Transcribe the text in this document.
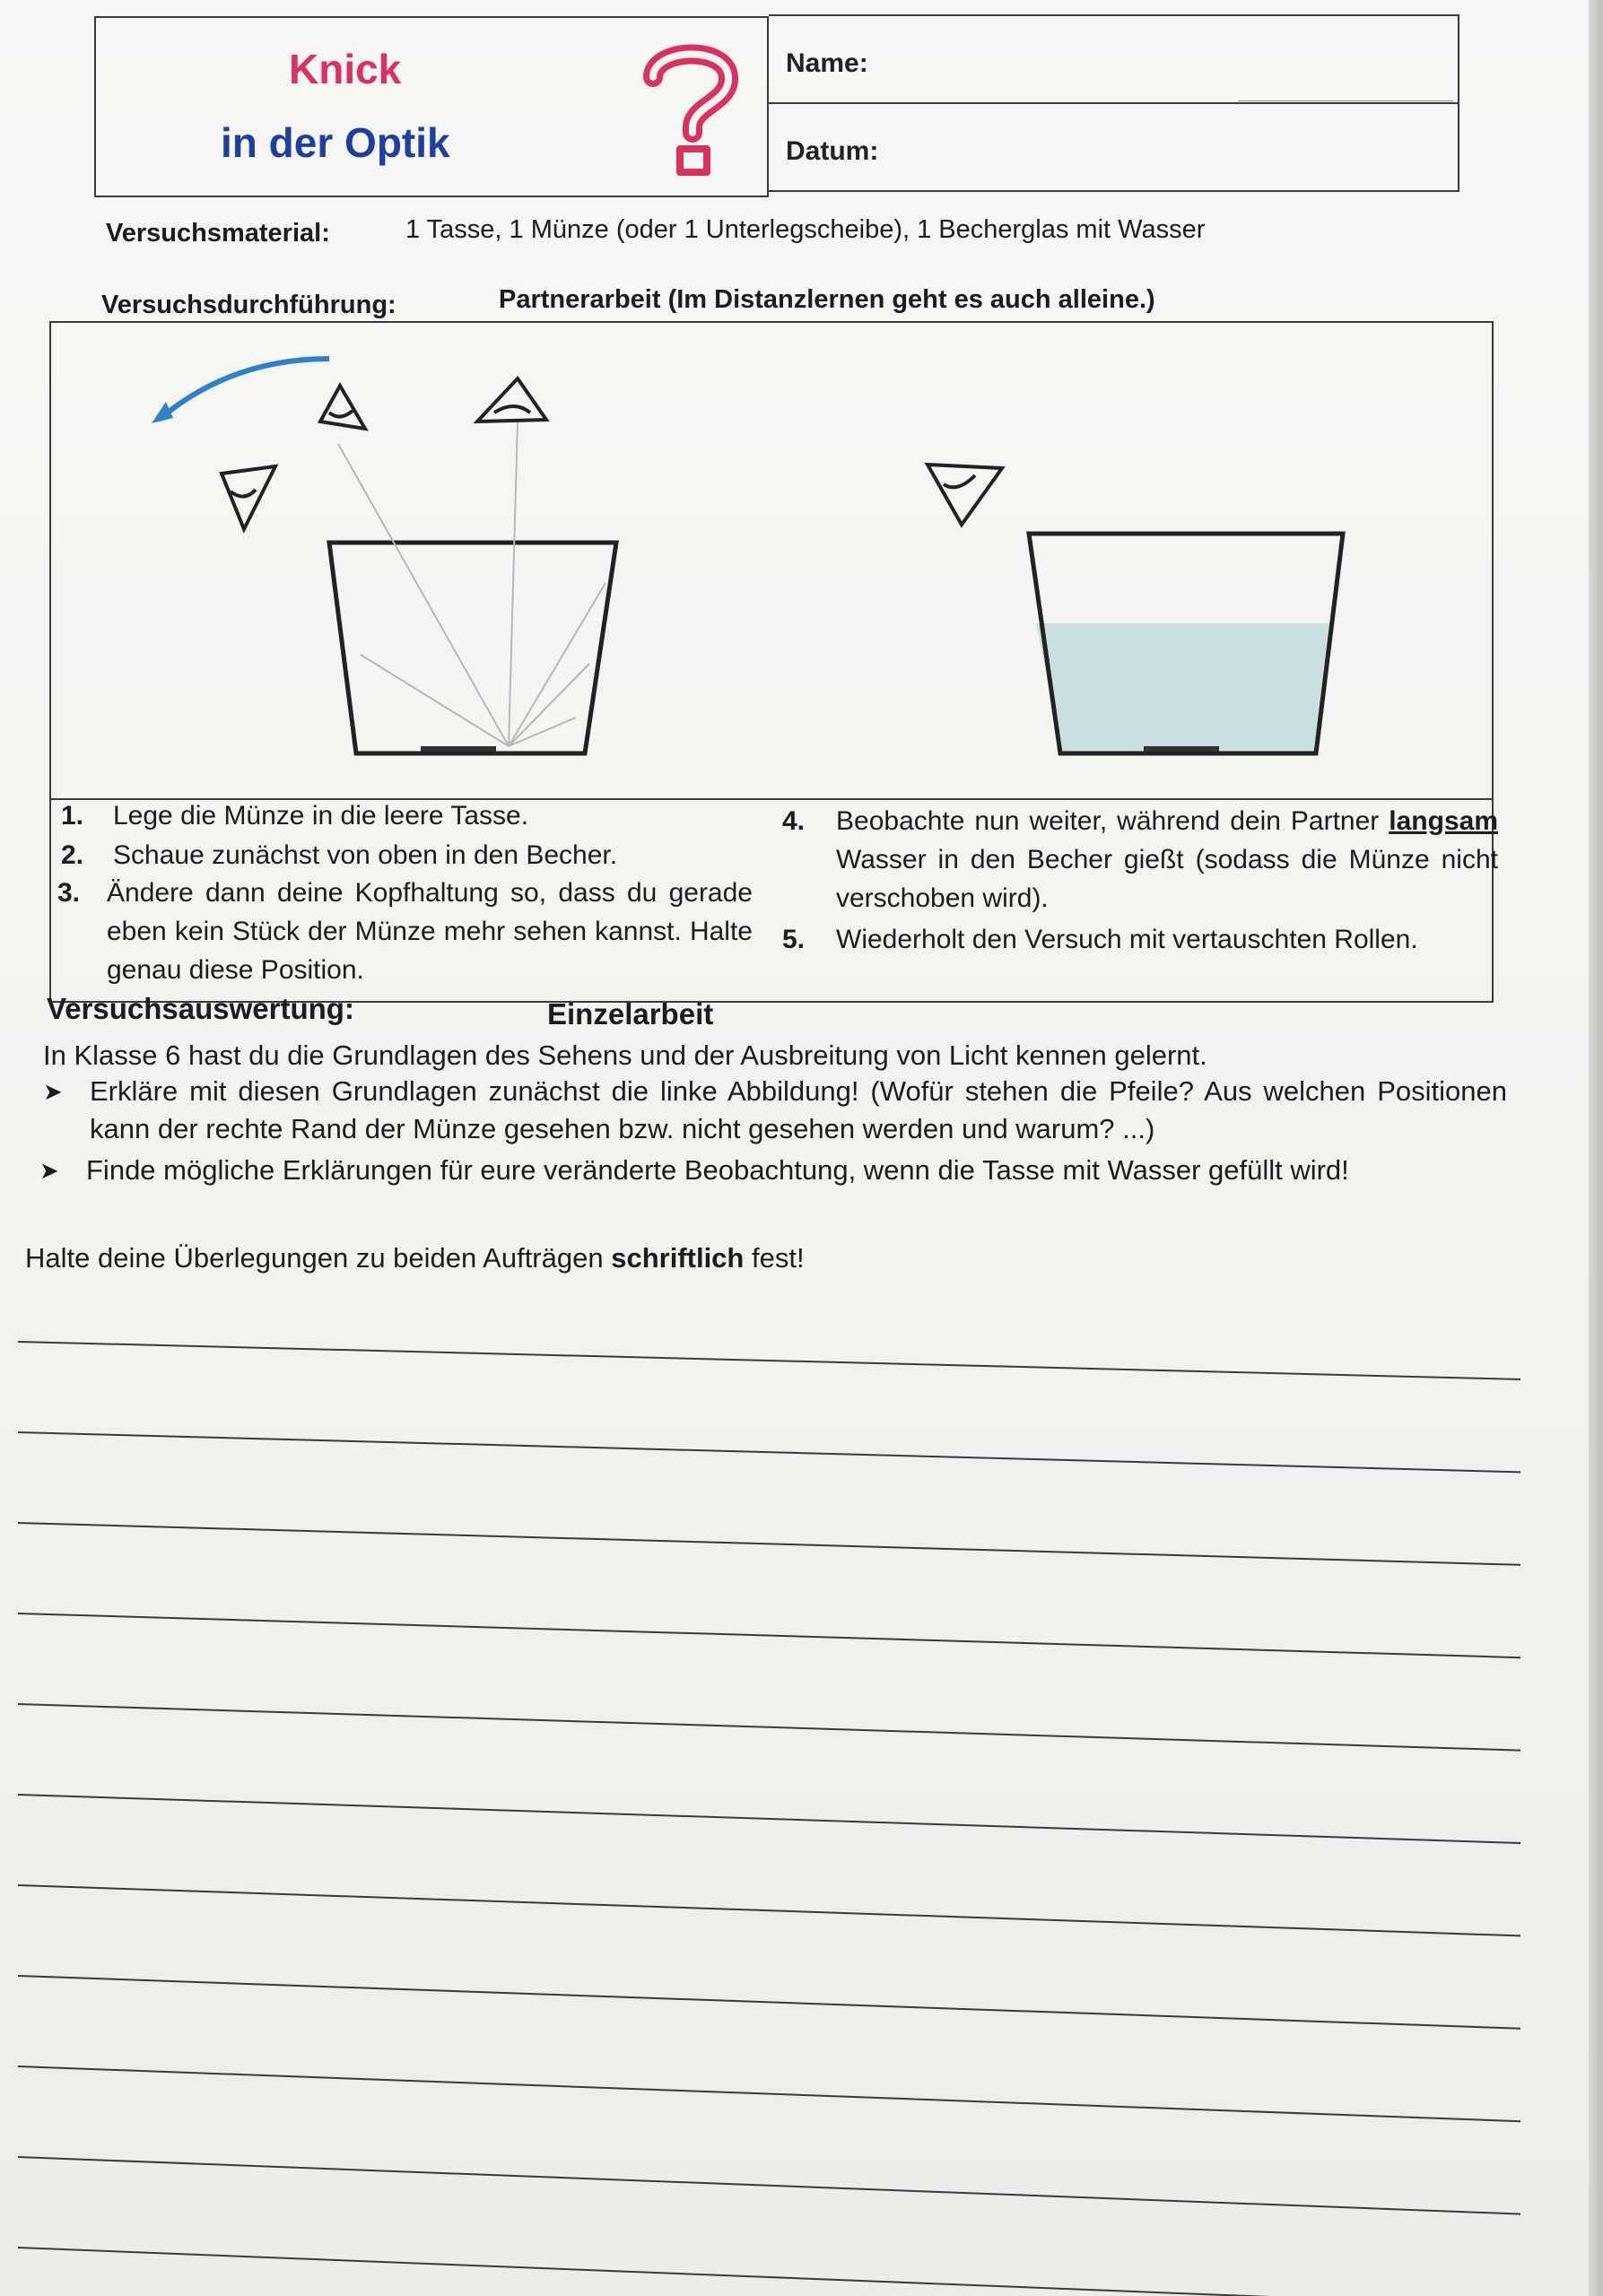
Knick
in der Optik
Name:
Datum:
Versuchsmaterial:	1 Tasse, 1 Münze (oder 1 Unterlegscheibe), 1 Becherglas mit Wasser
Versuchsdurchführung:	Partnerarbeit (Im Distanzlernen geht es auch alleine.)
1. Lege die Münze in die leere Tasse.
2. Schaue zunächst von oben in den Becher.
3. Ändere dann deine Kopfhaltung so, dass du gerade eben kein Stück der Münze mehr sehen kannst. Halte genau diese Position.
4. Beobachte nun weiter, während dein Partner langsam Wasser in den Becher gießt (sodass die Münze nicht verschoben wird).
5. Wiederholt den Versuch mit vertauschten Rollen.
Versuchsauswertung:	Einzelarbeit
In Klasse 6 hast du die Grundlagen des Sehens und der Ausbreitung von Licht kennen gelernt.
➤ Erkläre mit diesen Grundlagen zunächst die linke Abbildung! (Wofür stehen die Pfeile? Aus welchen Positionen kann der rechte Rand der Münze gesehen bzw. nicht gesehen werden und warum? ...)
➤ Finde mögliche Erklärungen für eure veränderte Beobachtung, wenn die Tasse mit Wasser gefüllt wird!
Halte deine Überlegungen zu beiden Aufträgen schriftlich fest!
